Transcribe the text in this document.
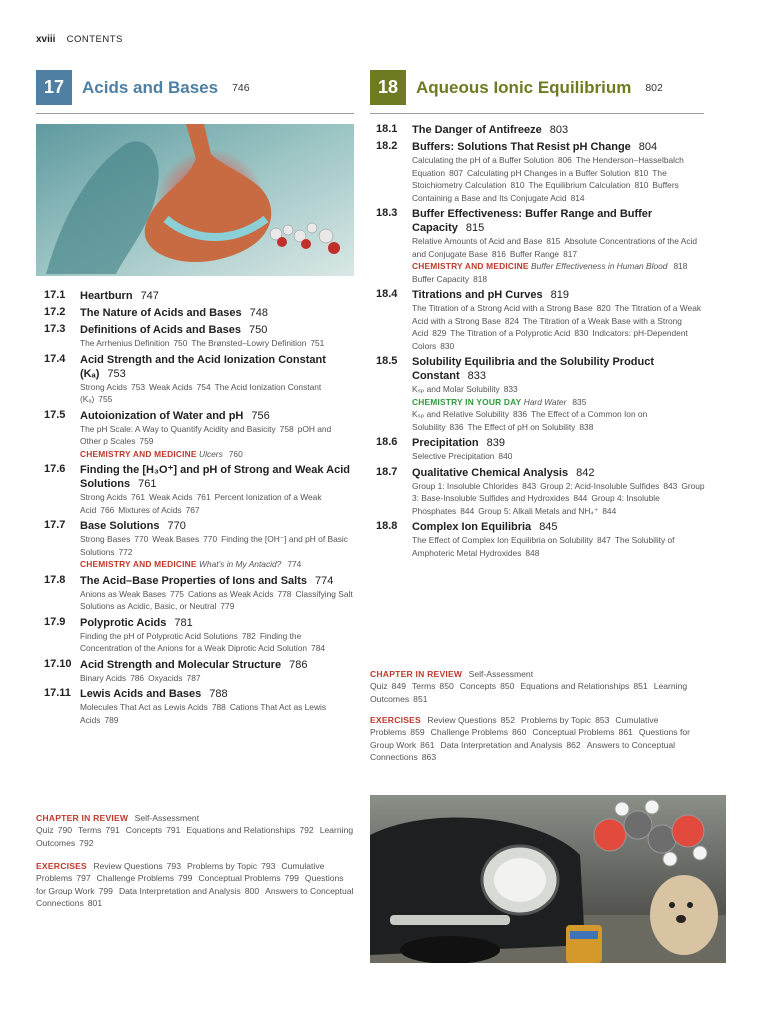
xviii CONTENTS
17	Acids and Bases 746
17.1	Heartburn 747
17.2	The Nature of Acids and Bases 748
17.3	Definitions of Acids and Bases 750
The Arrhenius Definition 750 The Brønsted–Lowry Definition 751
17.4	Acid Strength and the Acid Ionization Constant (Kₐ) 753
Strong Acids 753 Weak Acids 754 The Acid Ionization Constant (Kₐ) 755
17.5	Autoionization of Water and pH 756
The pH Scale: A Way to Quantify Acidity and Basicity 758 pOH and Other p Scales 759
CHEMISTRY AND MEDICINE Ulcers 760
17.6	Finding the [H₃O⁺] and pH of Strong and Weak Acid Solutions 761
Strong Acids 761 Weak Acids 761 Percent Ionization of a Weak Acid 766 Mixtures of Acids 767
17.7	Base Solutions 770
Strong Bases 770 Weak Bases 770 Finding the [OH⁻] and pH of Basic Solutions 772
CHEMISTRY AND MEDICINE What's in My Antacid? 774
17.8	The Acid–Base Properties of Ions and Salts 774
Anions as Weak Bases 775 Cations as Weak Acids 778 Classifying Salt Solutions as Acidic, Basic, or Neutral 779
17.9	Polyprotic Acids 781
Finding the pH of Polyprotic Acid Solutions 782 Finding the Concentration of the Anions for a Weak Diprotic Acid Solution 784
17.10 Acid Strength and Molecular Structure 786
Binary Acids 786 Oxyacids 787
17.11 Lewis Acids and Bases 788
Molecules That Act as Lewis Acids 788 Cations That Act as Lewis Acids 789
CHAPTER IN REVIEW Self-Assessment Quiz 790 Terms 791 Concepts 791 Equations and Relationships 792 Learning Outcomes 792
EXERCISES Review Questions 793 Problems by Topic 793 Cumulative Problems 797 Challenge Problems 799 Conceptual Problems 799 Questions for Group Work 799 Data Interpretation and Analysis 800 Answers to Conceptual Connections 801
18	Aqueous Ionic Equilibrium 802
18.1	The Danger of Antifreeze 803
18.2	Buffers: Solutions That Resist pH Change 804
Calculating the pH of a Buffer Solution 806 The Henderson–Hasselbalch Equation 807 Calculating pH Changes in a Buffer Solution 810 The Stoichiometry Calculation 810 The Equilibrium Calculation 810 Buffers Containing a Base and Its Conjugate Acid 814
18.3	Buffer Effectiveness: Buffer Range and Buffer Capacity 815
Relative Amounts of Acid and Base 815 Absolute Concentrations of the Acid and Conjugate Base 816 Buffer Range 817
CHEMISTRY AND MEDICINE Buffer Effectiveness in Human Blood 818
Buffer Capacity 818
18.4	Titrations and pH Curves 819
The Titration of a Strong Acid with a Strong Base 820 The Titration of a Weak Acid with a Strong Base 824 The Titration of a Weak Base with a Strong Acid 829 The Titration of a Polyprotic Acid 830 Indicators: pH-Dependent Colors 830
18.5	Solubility Equilibria and the Solubility Product Constant 833
Kₛₚ and Molar Solubility 833
CHEMISTRY IN YOUR DAY Hard Water 835
Kₛₚ and Relative Solubility 836 The Effect of a Common Ion on Solubility 836 The Effect of pH on Solubility 838
18.6	Precipitation 839
Selective Precipitation 840
18.7	Qualitative Chemical Analysis 842
Group 1: Insoluble Chlorides 843 Group 2: Acid-Insoluble Sulfides 843 Group 3: Base-Insoluble Sulfides and Hydroxides 844 Group 4: Insoluble Phosphates 844 Group 5: Alkali Metals and NH₄⁺ 844
18.8	Complex Ion Equilibria 845
The Effect of Complex Ion Equilibria on Solubility 847 The Solubility of Amphoteric Metal Hydroxides 848
CHAPTER IN REVIEW Self-Assessment Quiz 849 Terms 850 Concepts 850 Equations and Relationships 851 Learning Outcomes 851
EXERCISES Review Questions 852 Problems by Topic 853 Cumulative Problems 859 Challenge Problems 860 Conceptual Problems 861 Questions for Group Work 861 Data Interpretation and Analysis 862 Answers to Conceptual Connections 863
